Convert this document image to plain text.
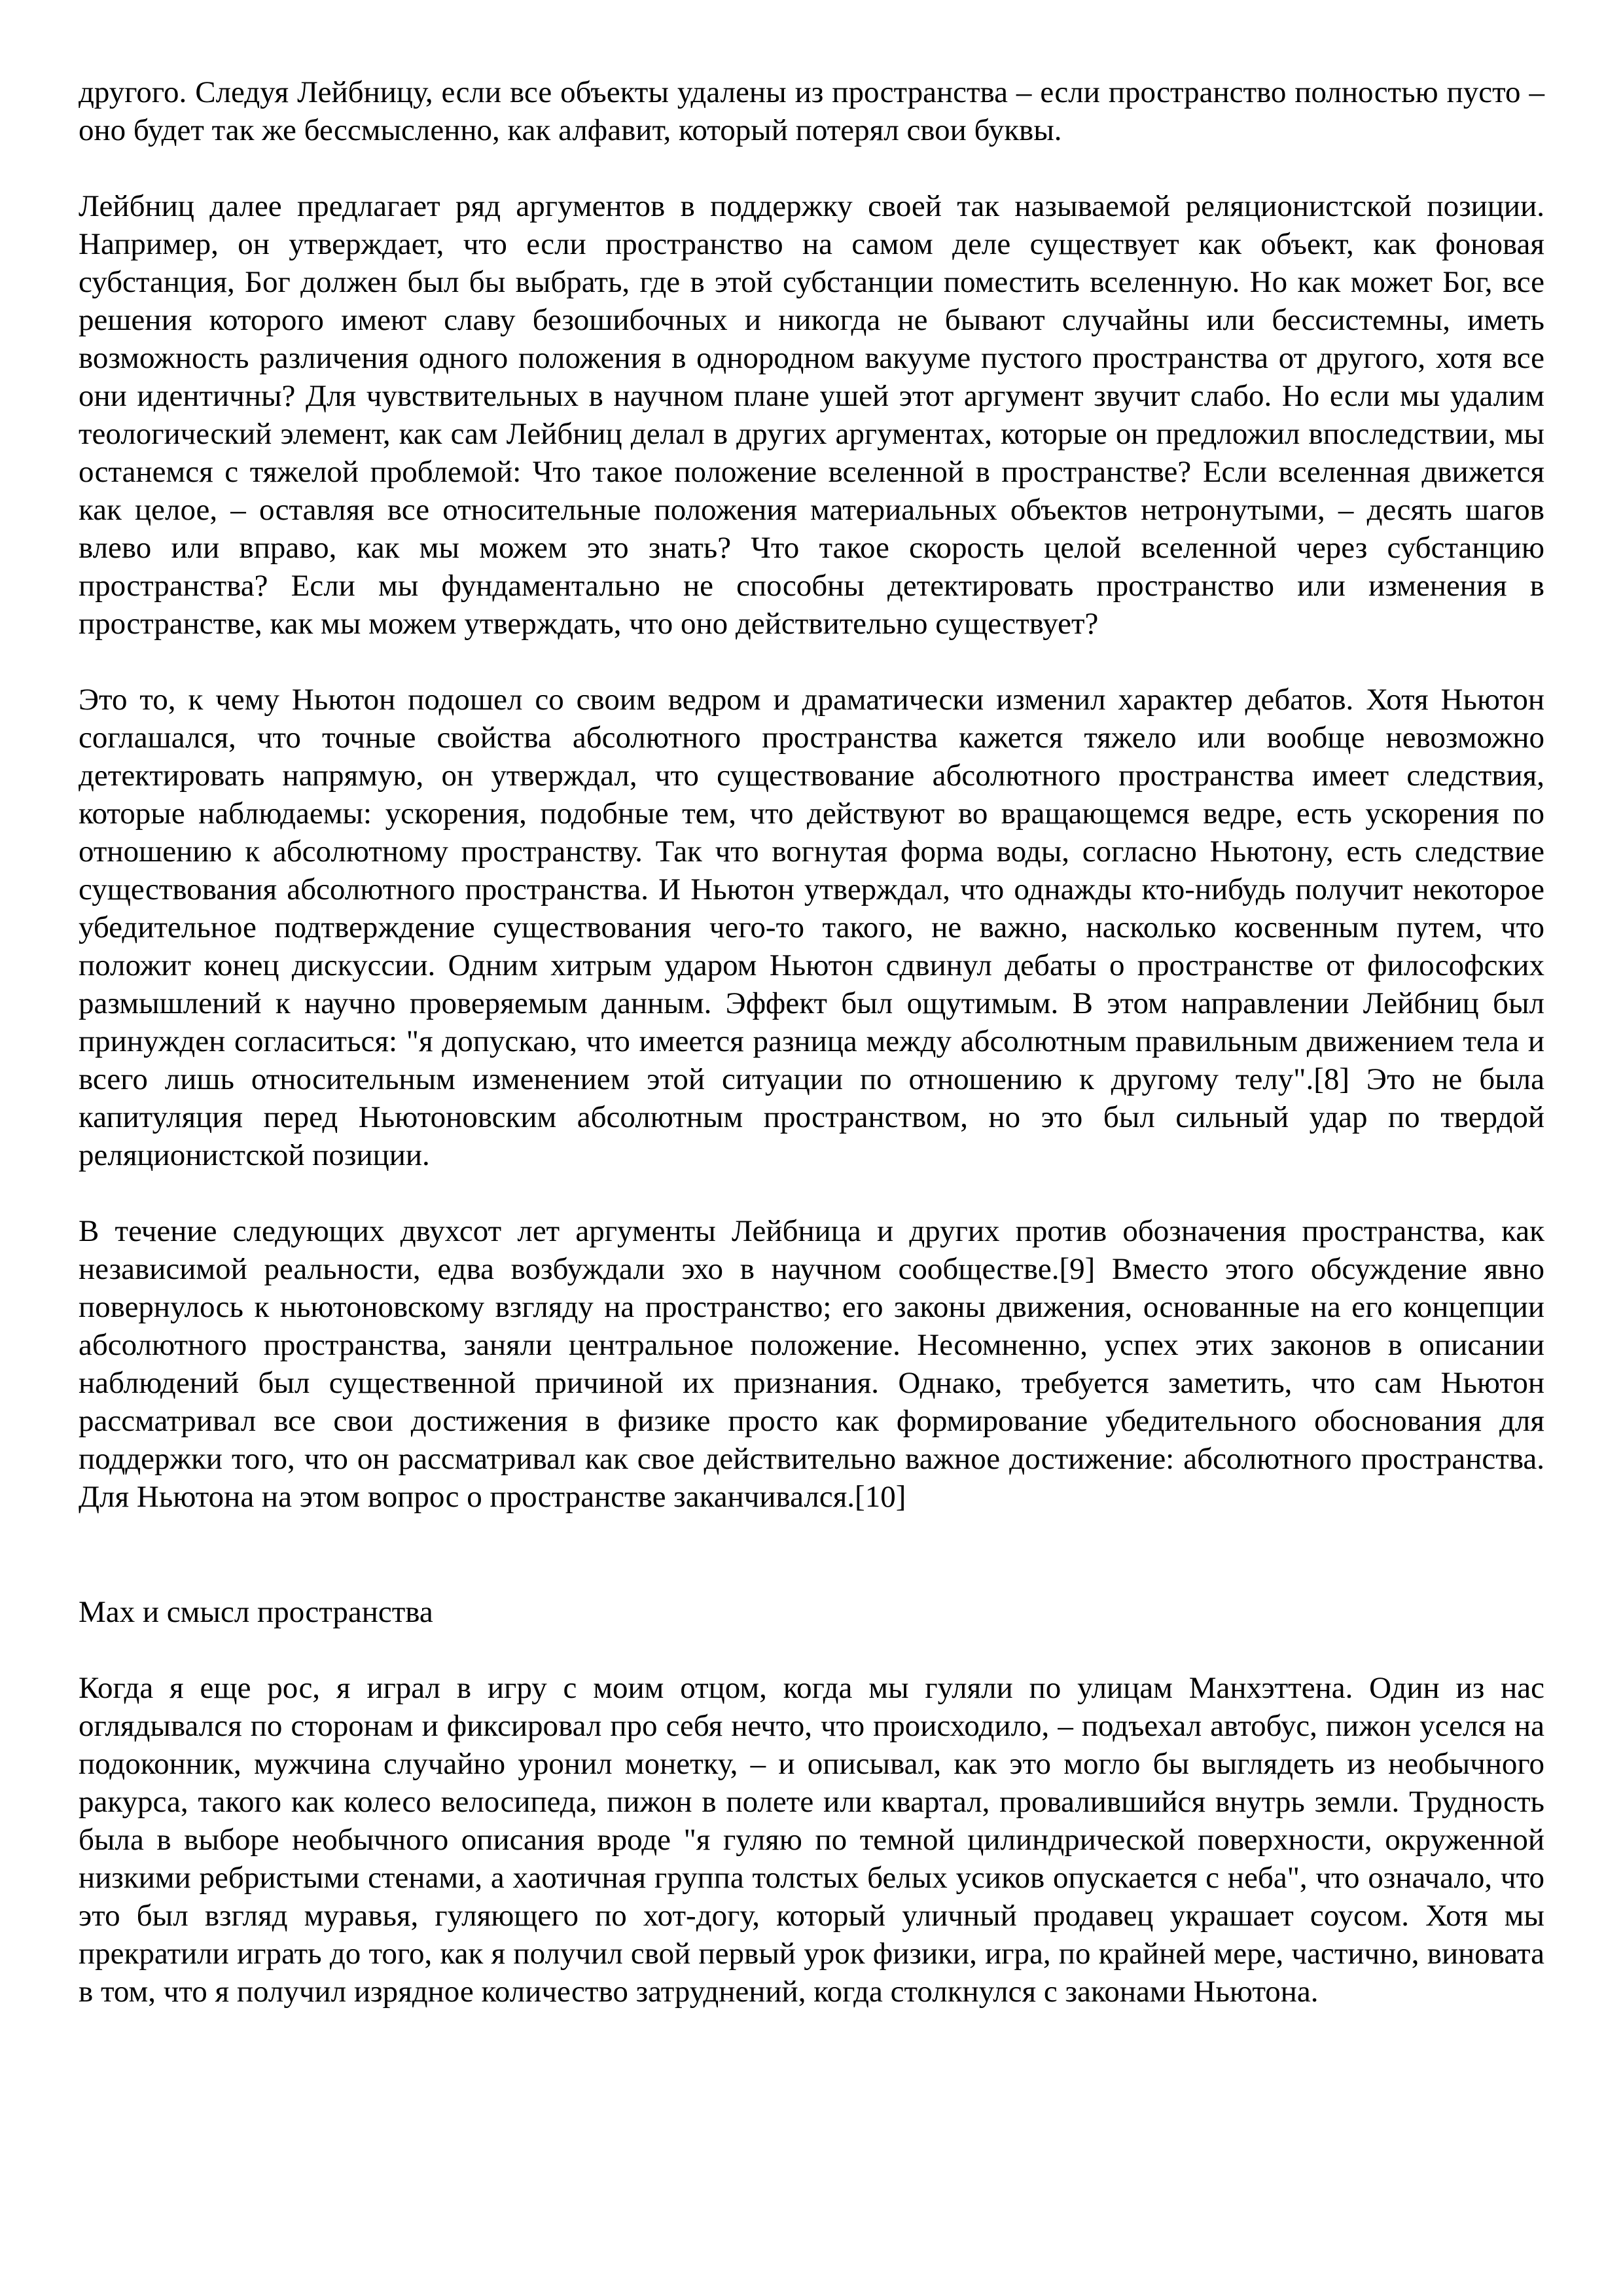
другого. Следуя Лейбницу, если все объекты удалены из пространства – если пространство полностью пусто – оно будет так же бессмысленно, как алфавит, который потерял свои буквы.

Лейбниц далее предлагает ряд аргументов в поддержку своей так называемой реляционистской позиции. Например, он утверждает, что если пространство на самом деле существует как объект, как фоновая субстанция, Бог должен был бы выбрать, где в этой субстанции поместить вселенную. Но как может Бог, все решения которого имеют славу безошибочных и никогда не бывают случайны или бессистемны, иметь возможность различения одного положения в однородном вакууме пустого пространства от другого, хотя все они идентичны? Для чувствительных в научном плане ушей этот аргумент звучит слабо. Но если мы удалим теологический элемент, как сам Лейбниц делал в других аргументах, которые он предложил впоследствии, мы останемся с тяжелой проблемой: Что такое положение вселенной в пространстве? Если вселенная движется как целое, – оставляя все относительные положения материальных объектов нетронутыми, – десять шагов влево или вправо, как мы можем это знать? Что такое скорость целой вселенной через субстанцию пространства? Если мы фундаментально не способны детектировать пространство или изменения в пространстве, как мы можем утверждать, что оно действительно существует?

Это то, к чему Ньютон подошел со своим ведром и драматически изменил характер дебатов. Хотя Ньютон соглашался, что точные свойства абсолютного пространства кажется тяжело или вообще невозможно детектировать напрямую, он утверждал, что существование абсолютного пространства имеет следствия, которые наблюдаемы: ускорения, подобные тем, что действуют во вращающемся ведре, есть ускорения по отношению к абсолютному пространству. Так что вогнутая форма воды, согласно Ньютону, есть следствие существования абсолютного пространства. И Ньютон утверждал, что однажды кто-нибудь получит некоторое убедительное подтверждение существования чего-то такого, не важно, насколько косвенным путем, что положит конец дискуссии. Одним хитрым ударом Ньютон сдвинул дебаты о пространстве от философских размышлений к научно проверяемым данным. Эффект был ощутимым. В этом направлении Лейбниц был принужден согласиться: "я допускаю, что имеется разница между абсолютным правильным движением тела и всего лишь относительным изменением этой ситуации по отношению к другому телу".[8] Это не была капитуляция перед Ньютоновским абсолютным пространством, но это был сильный удар по твердой реляционистской позиции.

В течение следующих двухсот лет аргументы Лейбница и других против обозначения пространства, как независимой реальности, едва возбуждали эхо в научном сообществе.[9] Вместо этого обсуждение явно повернулось к ньютоновскому взгляду на пространство; его законы движения, основанные на его концепции абсолютного пространства, заняли центральное положение. Несомненно, успех этих законов в описании наблюдений был существенной причиной их признания. Однако, требуется заметить, что сам Ньютон рассматривал все свои достижения в физике просто как формирование убедительного обоснования для поддержки того, что он рассматривал как свое действительно важное достижение: абсолютного пространства. Для Ньютона на этом вопрос о пространстве заканчивался.[10]

Мах и смысл пространства

Когда я еще рос, я играл в игру с моим отцом, когда мы гуляли по улицам Манхэттена. Один из нас оглядывался по сторонам и фиксировал про себя нечто, что происходило, – подъехал автобус, пижон уселся на подоконник, мужчина случайно уронил монетку, – и описывал, как это могло бы выглядеть из необычного ракурса, такого как колесо велосипеда, пижон в полете или квартал, провалившийся внутрь земли. Трудность была в выборе необычного описания вроде "я гуляю по темной цилиндрической поверхности, окруженной низкими ребристыми стенами, а хаотичная группа толстых белых усиков опускается с неба", что означало, что это был взгляд муравья, гуляющего по хот-догу, который уличный продавец украшает соусом. Хотя мы прекратили играть до того, как я получил свой первый урок физики, игра, по крайней мере, частично, виновата в том, что я получил изрядное количество затруднений, когда столкнулся с законами Ньютона.
